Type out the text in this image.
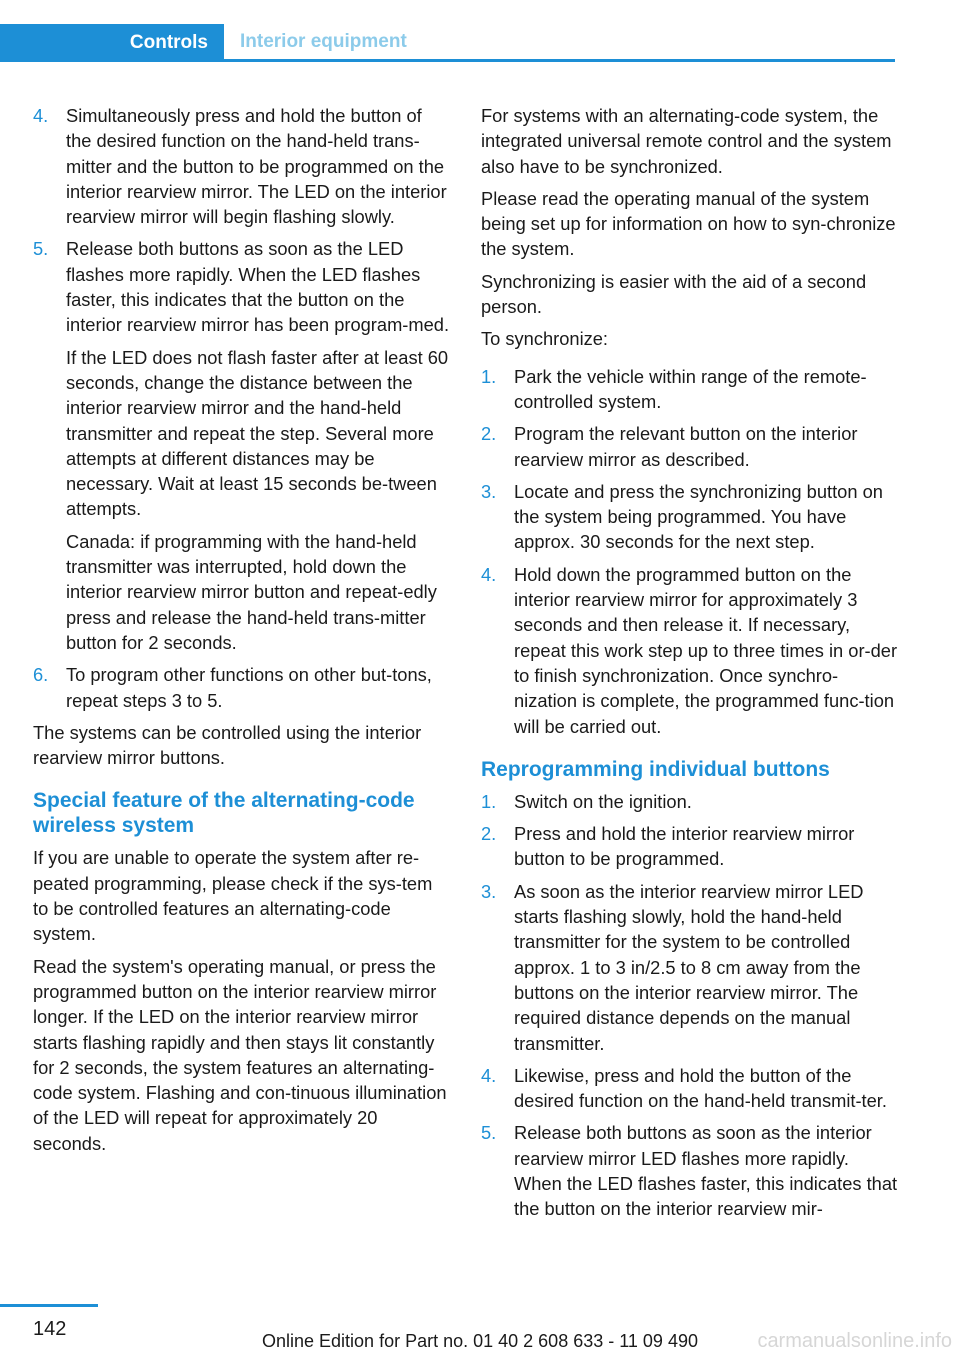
Controls	Interior equipment
4. Simultaneously press and hold the button of the desired function on the hand-held trans-mitter and the button to be programmed on the interior rearview mirror. The LED on the interior rearview mirror will begin flashing slowly.

5. Release both buttons as soon as the LED flashes more rapidly. When the LED flashes faster, this indicates that the button on the interior rearview mirror has been program-med.

If the LED does not flash faster after at least 60 seconds, change the distance between the interior rearview mirror and the hand-held transmitter and repeat the step. Several more attempts at different distances may be necessary. Wait at least 15 seconds be-tween attempts.

Canada: if programming with the hand-held transmitter was interrupted, hold down the interior rearview mirror button and repeat-edly press and release the hand-held trans-mitter button for 2 seconds.

6. To program other functions on other but-tons, repeat steps 3 to 5.

The systems can be controlled using the interior rearview mirror buttons.

Special feature of the alternating-code wireless system

If you are unable to operate the system after re-peated programming, please check if the sys-tem to be controlled features an alternating-code system.

Read the system's operating manual, or press the programmed button on the interior rearview mirror longer. If the LED on the interior rearview mirror starts flashing rapidly and then stays lit constantly for 2 seconds, the system features an alternating-code system. Flashing and con-tinuous illumination of the LED will repeat for approximately 20 seconds.

For systems with an alternating-code system, the integrated universal remote control and the system also have to be synchronized.

Please read the operating manual of the system being set up for information on how to syn-chronize the system.

Synchronizing is easier with the aid of a second person.

To synchronize:

1. Park the vehicle within range of the remote-controlled system.

2. Program the relevant button on the interior rearview mirror as described.

3. Locate and press the synchronizing button on the system being programmed. You have approx. 30 seconds for the next step.

4. Hold down the programmed button on the interior rearview mirror for approximately 3 seconds and then release it. If necessary, repeat this work step up to three times in or-der to finish synchronization. Once synchro-nization is complete, the programmed func-tion will be carried out.

Reprogramming individual buttons
1. Switch on the ignition.

2. Press and hold the interior rearview mirror button to be programmed.

3. As soon as the interior rearview mirror LED starts flashing slowly, hold the hand-held transmitter for the system to be controlled approx. 1 to 3 in/2.5 to 8 cm away from the buttons on the interior rearview mirror. The required distance depends on the manual transmitter.

4. Likewise, press and hold the button of the desired function on the hand-held transmit-ter.

5. Release both buttons as soon as the interior rearview mirror LED flashes more rapidly. When the LED flashes faster, this indicates that the button on the interior rearview mir-

142
Online Edition for Part no. 01 40 2 608 633 - 11 09 490	carmanualsonline.info
